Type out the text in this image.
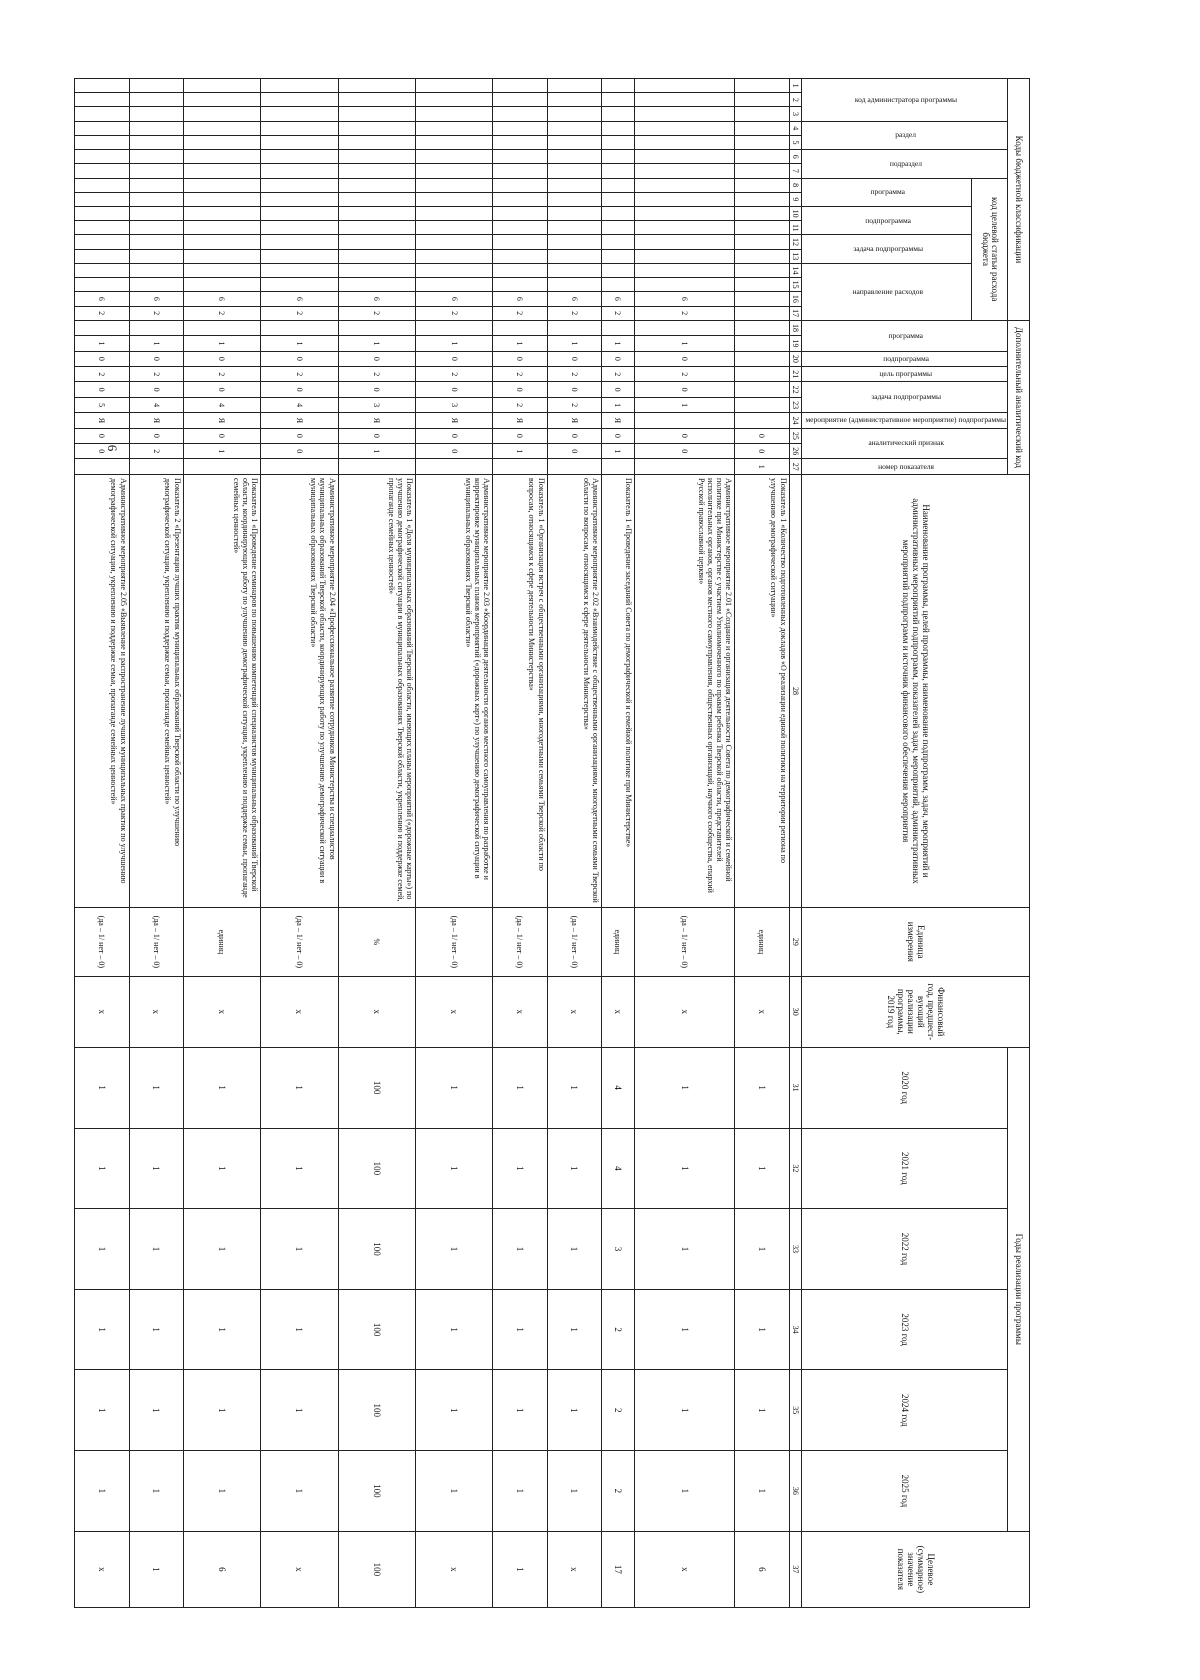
6
Коды бюджетной классификации																	Дополнительный аналитический код										Наименование программы, целей программы, наименование подпрограмм, задач, мероприятий и административных мероприятий подпрограмм, показателей задач, мероприятий, административных мероприятий подпрограмм и источник финансового обеспечения мероприятия	Единица измерения	Финансовый год, предшест-вующий реализации программы, 2019 год	Годы реализации программы						Целевое (суммарное) значение показателя
код администратора программы			раздел		подраздел		код целевой статьи расхода бюджета										программа		подпрограмма	цель программы	задача подпрограммы		мероприятие (административное мероприятие) подпрограммы	аналитический признак		номер показателя				2020 год	2021 год	2022 год	2023 год	2024 год	2025 год	
							программа		подпрограмма		задача подпрограммы		направление расходов																							
1	2	3	4	5	6	7	8	9	10	11	12	13	14	15	16	17	18	19	20	21	22	23	24	25	26	27	28	29	30	31	32	33	34	35	36	37
																								0	0	1	Показатель 1 «Количество подготовленных докладов «О реализации единой политики на территории региона по улучшению демографической ситуации»	единиц	х	1	1	1	1	1	1	6
															6	2		1	0	2	0	1		0	0		Административное мероприятие 2.01 «Создание и организация деятельности Совета по демографической и семейной политике при Министерстве с участием Уполномоченного по правам ребенка Тверской области, представителей исполнительных органов, органов местного самоуправления, общественных организаций, научного сообщества, епархий Русской православной церкви»	(да – 1/ нет – 0)	х	1	1	1	1	1	1	х
															6	2		1	0	2	0	1	Я	0	1		Показатель 1 «Проведение заседаний Совета по демографической и семейной политике при Министерстве»	единиц	х	4	4	3	2	2	2	17
															6	2		1	0	2	0	2	Я	0	0		Административное мероприятие 2.02 «Взаимодействие с общественными организациями, многодетными семьями Тверской области по вопросам, относящимся к сфере деятельности Министерства»	(да – 1/ нет – 0)	х	1	1	1	1	1	1	х
															6	2		1	0	2	0	2	Я	0	1		Показатель 1 «Организация встреч с общественными организациями, многодетными семьями Тверской области по вопросам, относящимся к сфере деятельности Министерства»	(да – 1/ нет – 0)	х	1	1	1	1	1	1	1
															6	2		1	0	2	0	3	Я	0	0		Административное мероприятие 2.03 «Координация деятельности органов местного самоуправления по разработке и корректировке муниципальных планов мероприятий («дорожных карт») по улучшению демографической ситуации в муниципальных образованиях Тверской области»	(да – 1/ нет – 0)	х	1	1	1	1	1	1	х
															6	2		1	0	2	0	3	Я	0	1		Показатель 1 «Доля муниципальных образований Тверской области, имеющих планы мероприятий («дорожные карты») по улучшению демографической ситуации в муниципальных образованиях Тверской области, укреплению и поддержке семей, пропаганде семейных ценностей»	%	х	100	100	100	100	100	100	100
															6	2		1	0	2	0	4	Я	0	0		Административное мероприятие 2.04 «Профессиональное развитие сотрудников Министерства и специалистов муниципальных образований Тверской области, координирующих работу по улучшению демографической ситуации в муниципальных образованиях Тверской области»	(да – 1/ нет – 0)	х	1	1	1	1	1	1	х
															6	2		1	0	2	0	4	Я	0	1		Показатель 1 «Проведение семинаров по повышению компетенций специалистов муниципальных образований Тверской области, координирующих работу по улучшению демографической ситуации, укреплению и поддержке семьи, пропаганде семейных ценностей»	единиц	х	1	1	1	1	1	1	6
															6	2		1	0	2	0	4	Я	0	2		Показатель 2 «Презентация лучших практик муниципальных образований Тверской области по улучшению демографической ситуации, укреплению и поддержке семьи, пропаганде семейных ценностей»	(да – 1/ нет – 0)	х	1	1	1	1	1	1	1
															6	2		1	0	2	0	5	Я	0	0		Административное мероприятие 2.05 «Выявление и распространение лучших муниципальных практик по улучшению демографической ситуации, укреплению и поддержке семьи, пропаганде семейных ценностей»	(да – 1/ нет – 0)	х	1	1	1	1	1	1	х
